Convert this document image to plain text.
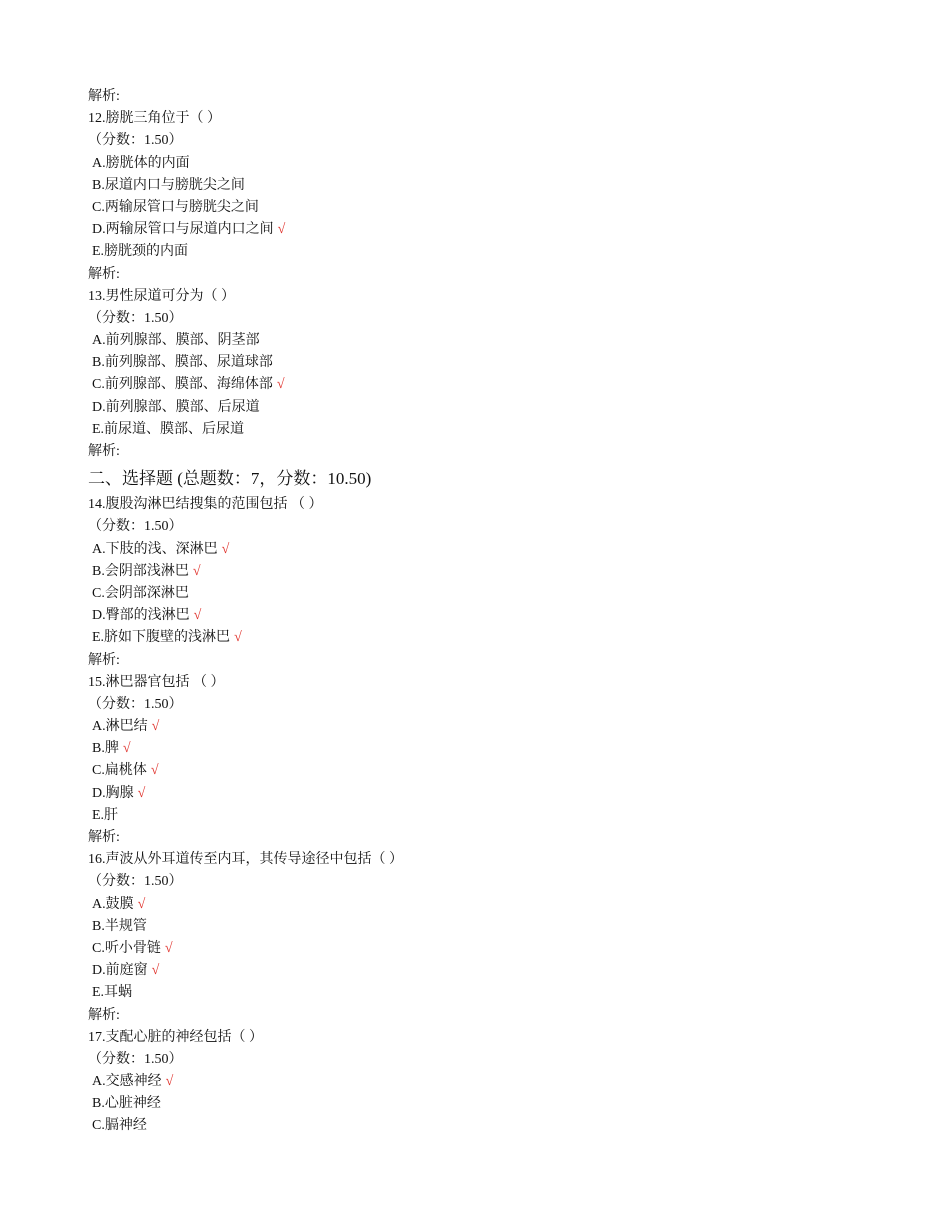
解析:
12.膀胱三角位于（ ）
（分数：1.50）
A.膀胱体的内面
B.尿道内口与膀胱尖之间
C.两输尿管口与膀胱尖之间
D.两输尿管口与尿道内口之间 √
E.膀胱颈的内面
解析:
13.男性尿道可分为（ ）
（分数：1.50）
A.前列腺部、膜部、阴茎部
B.前列腺部、膜部、尿道球部
C.前列腺部、膜部、海绵体部 √
D.前列腺部、膜部、后尿道
E.前尿道、膜部、后尿道
解析:
二、选择题 (总题数：7，分数：10.50)
14.腹股沟淋巴结搜集的范围包括 （ ）
（分数：1.50）
A.下肢的浅、深淋巴 √
B.会阴部浅淋巴 √
C.会阴部深淋巴
D.臀部的浅淋巴 √
E.脐如下腹壁的浅淋巴 √
解析:
15.淋巴器官包括 （ ）
（分数：1.50）
A.淋巴结 √
B.脾 √
C.扁桃体 √
D.胸腺 √
E.肝
解析:
16.声波从外耳道传至内耳，其传导途径中包括（ ）
（分数：1.50）
A.鼓膜 √
B.半规管
C.听小骨链 √
D.前庭窗 √
E.耳蜗
解析:
17.支配心脏的神经包括（ ）
（分数：1.50）
A.交感神经 √
B.心脏神经
C.膈神经
